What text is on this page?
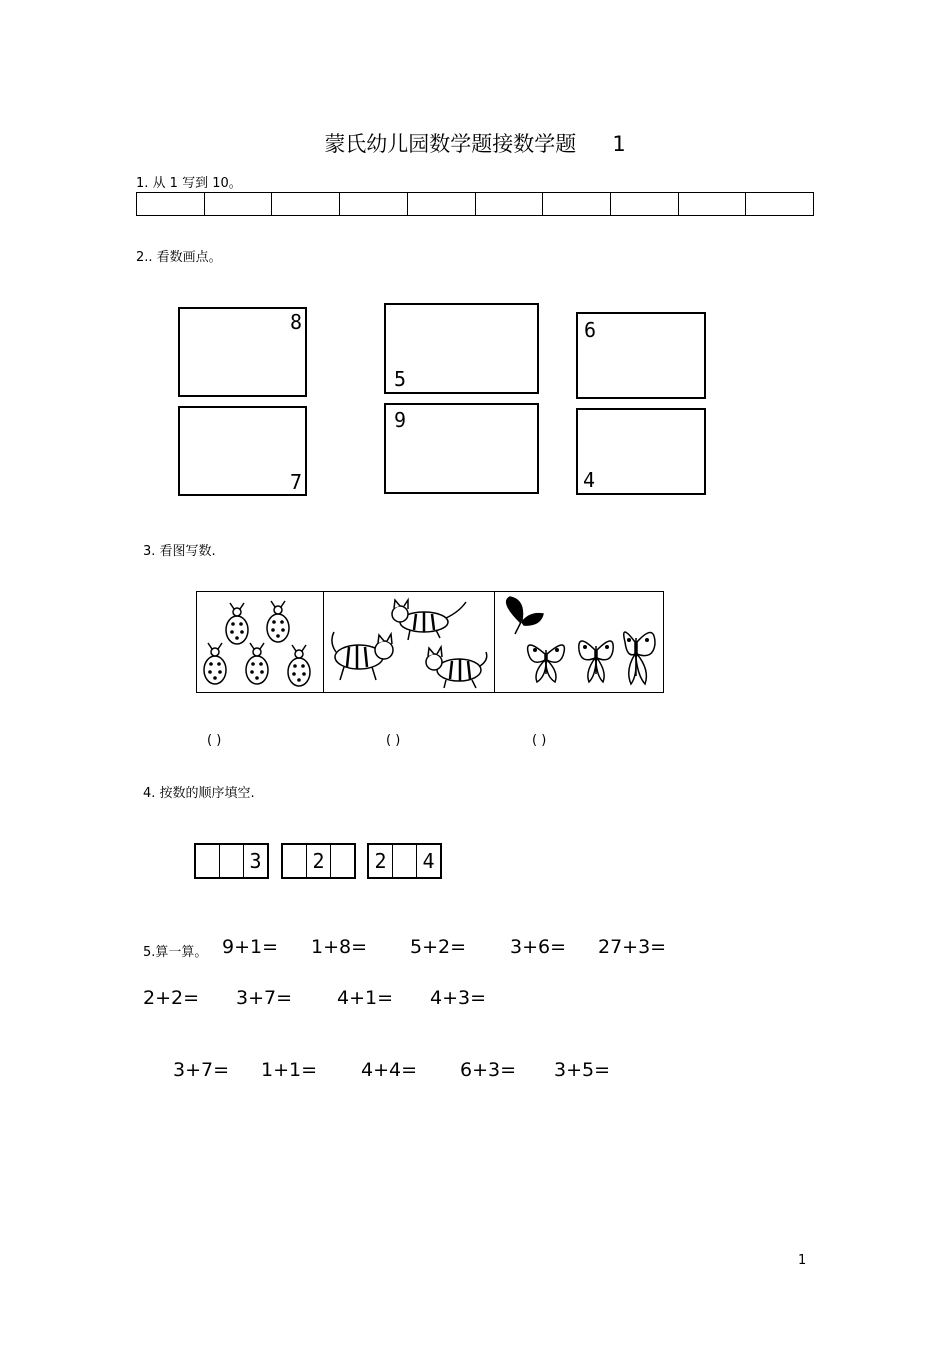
蒙氏幼儿园数学题接数学题 1
1. 从 1 写到 10。
2.. 看数画点。
8
5
6
7
9
4
3. 看图写数.
( )	( )	( )
4. 按数的顺序填空.
3	2	2	4
5.算一算。 9+1= 1+8= 5+2= 3+6= 27+3=
2+2= 3+7= 4+1= 4+3=
3+7= 1+1= 4+4= 6+3= 3+5=
1
